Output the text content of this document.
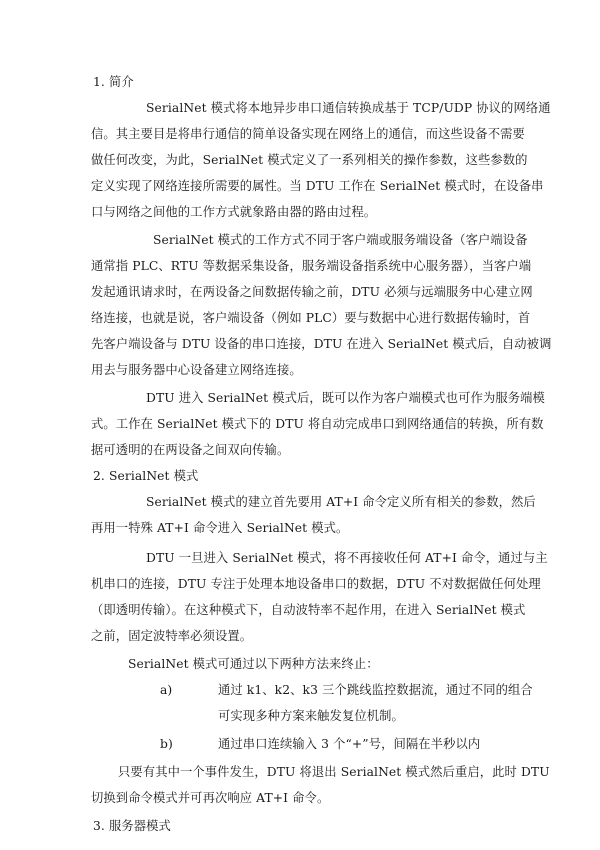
1. 简介
SerialNet 模式将本地异步串口通信转换成基于 TCP/UDP 协议的网络通
信。其主要目是将串行通信的简单设备实现在网络上的通信，而这些设备不需要
做任何改变，为此，SerialNet 模式定义了一系列相关的操作参数，这些参数的
定义实现了网络连接所需要的属性。当 DTU 工作在 SerialNet 模式时，在设备串
口与网络之间他的工作方式就象路由器的路由过程。
SerialNet 模式的工作方式不同于客户端或服务端设备（客户端设备
通常指 PLC、RTU 等数据采集设备，服务端设备指系统中心服务器），当客户端
发起通讯请求时，在两设备之间数据传输之前，DTU 必须与远端服务中心建立网
络连接，也就是说，客户端设备（例如 PLC）要与数据中心进行数据传输时，首
先客户端设备与 DTU 设备的串口连接，DTU 在进入 SerialNet 模式后，自动被调
用去与服务器中心设备建立网络连接。
DTU 进入 SerialNet 模式后，既可以作为客户端模式也可作为服务端模
式。工作在 SerialNet 模式下的 DTU 将自动完成串口到网络通信的转换，所有数
据可透明的在两设备之间双向传输。
2. SerialNet 模式
SerialNet 模式的建立首先要用 AT+I 命令定义所有相关的参数，然后
再用一特殊 AT+I 命令进入 SerialNet 模式。
DTU 一旦进入 SerialNet 模式，将不再接收任何 AT+I 命令，通过与主
机串口的连接，DTU 专注于处理本地设备串口的数据，DTU 不对数据做任何处理
（即透明传输）。在这种模式下，自动波特率不起作用，在进入 SerialNet 模式
之前，固定波特率必须设置。
SerialNet 模式可通过以下两种方法来终止：
a)	通过 k1、k2、k3 三个跳线监控数据流，通过不同的组合
可实现多种方案来触发复位机制。
b)	通过串口连续输入 3 个“+”号，间隔在半秒以内
只要有其中一个事件发生，DTU 将退出 SerialNet 模式然后重启，此时 DTU
切换到命令模式并可再次响应 AT+I 命令。
3. 服务器模式
